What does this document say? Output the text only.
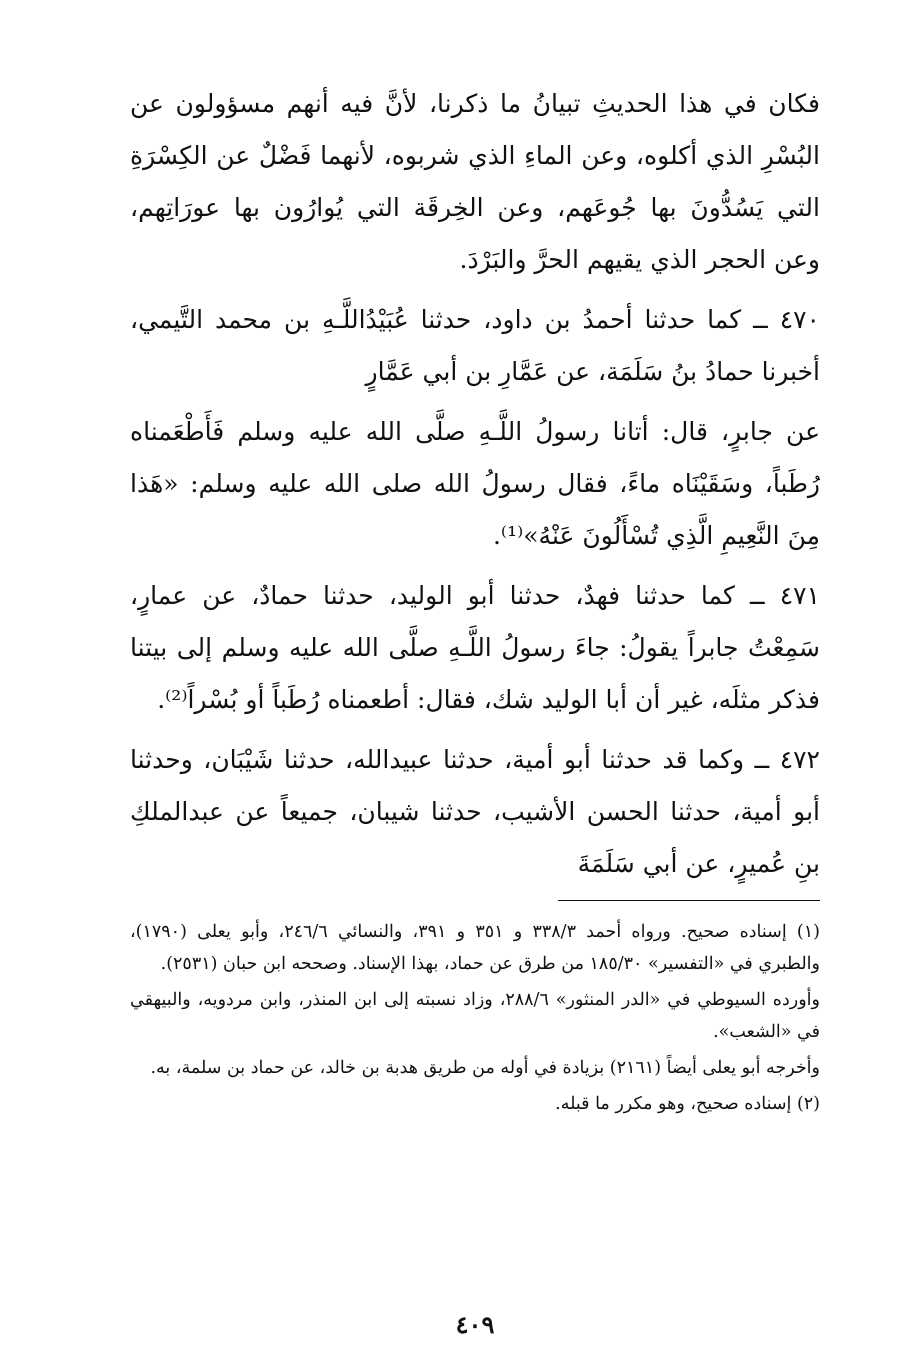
فكان في هذا الحديثِ تبيانُ ما ذكرنا، لأنَّ فيه أنهم مسؤولون عن البُسْرِ الذي أكلوه، وعن الماءِ الذي شربوه، لأنهما فَضْلٌ عن الكِسْرَةِ التي يَسُدُّونَ بها جُوعَهم، وعن الخِرقَة التي يُوارُون بها عورَاتِهم، وعن الحجر الذي يقيهم الحرَّ والبَرْدَ.

٤٧٠ ــ كما حدثنا أحمدُ بن داود، حدثنا عُبَيْدُاللَّـهِ بن محمد التَّيمي، أخبرنا حمادُ بنُ سَلَمَة، عن عَمَّارِ بن أبي عَمَّارٍ

عن جابرٍ، قال: أتانا رسولُ اللَّـهِ صلَّى الله عليه وسلم فَأَطْعَمناه رُطَباً، وسَقَيْنَاه ماءً، فقال رسولُ الله صلى الله عليه وسلم: «هَذا مِنَ النَّعِيمِ الَّذِي تُسْأَلُونَ عَنْهُ»⁽¹⁾.

٤٧١ ــ كما حدثنا فهدٌ، حدثنا أبو الوليد، حدثنا حمادٌ، عن عمارٍ، سَمِعْتُ جابراً يقولُ: جاءَ رسولُ اللَّـهِ صلَّى الله عليه وسلم إلى بيتنا فذكر مثلَه، غير أن أبا الوليد شك، فقال: أطعمناه رُطَباً أو بُسْراً⁽²⁾.

٤٧٢ ــ وكما قد حدثنا أبو أمية، حدثنا عبيدالله، حدثنا شَيْبَان، وحدثنا أبو أمية، حدثنا الحسن الأشيب، حدثنا شيبان، جميعاً عن عبدالملكِ بنِ عُميرٍ، عن أبي سَلَمَةَ

(١) إسناده صحيح. ورواه أحمد ٣٣٨/٣ و ٣٥١ و ٣٩١، والنسائي ٢٤٦/٦، وأبو يعلى (١٧٩٠)، والطبري في «التفسير» ١٨٥/٣٠ من طرق عن حماد، بهذا الإسناد. وصححه ابن حبان (٢٥٣١).

وأورده السيوطي في «الدر المنثور» ٢٨٨/٦، وزاد نسبته إلى ابن المنذر، وابن مردويه، والبيهقي في «الشعب».

وأخرجه أبو يعلى أيضاً (٢١٦١) بزيادة في أوله من طريق هدبة بن خالد، عن حماد بن سلمة، به.

(٢) إسناده صحيح، وهو مكرر ما قبله.

٤٠٩
